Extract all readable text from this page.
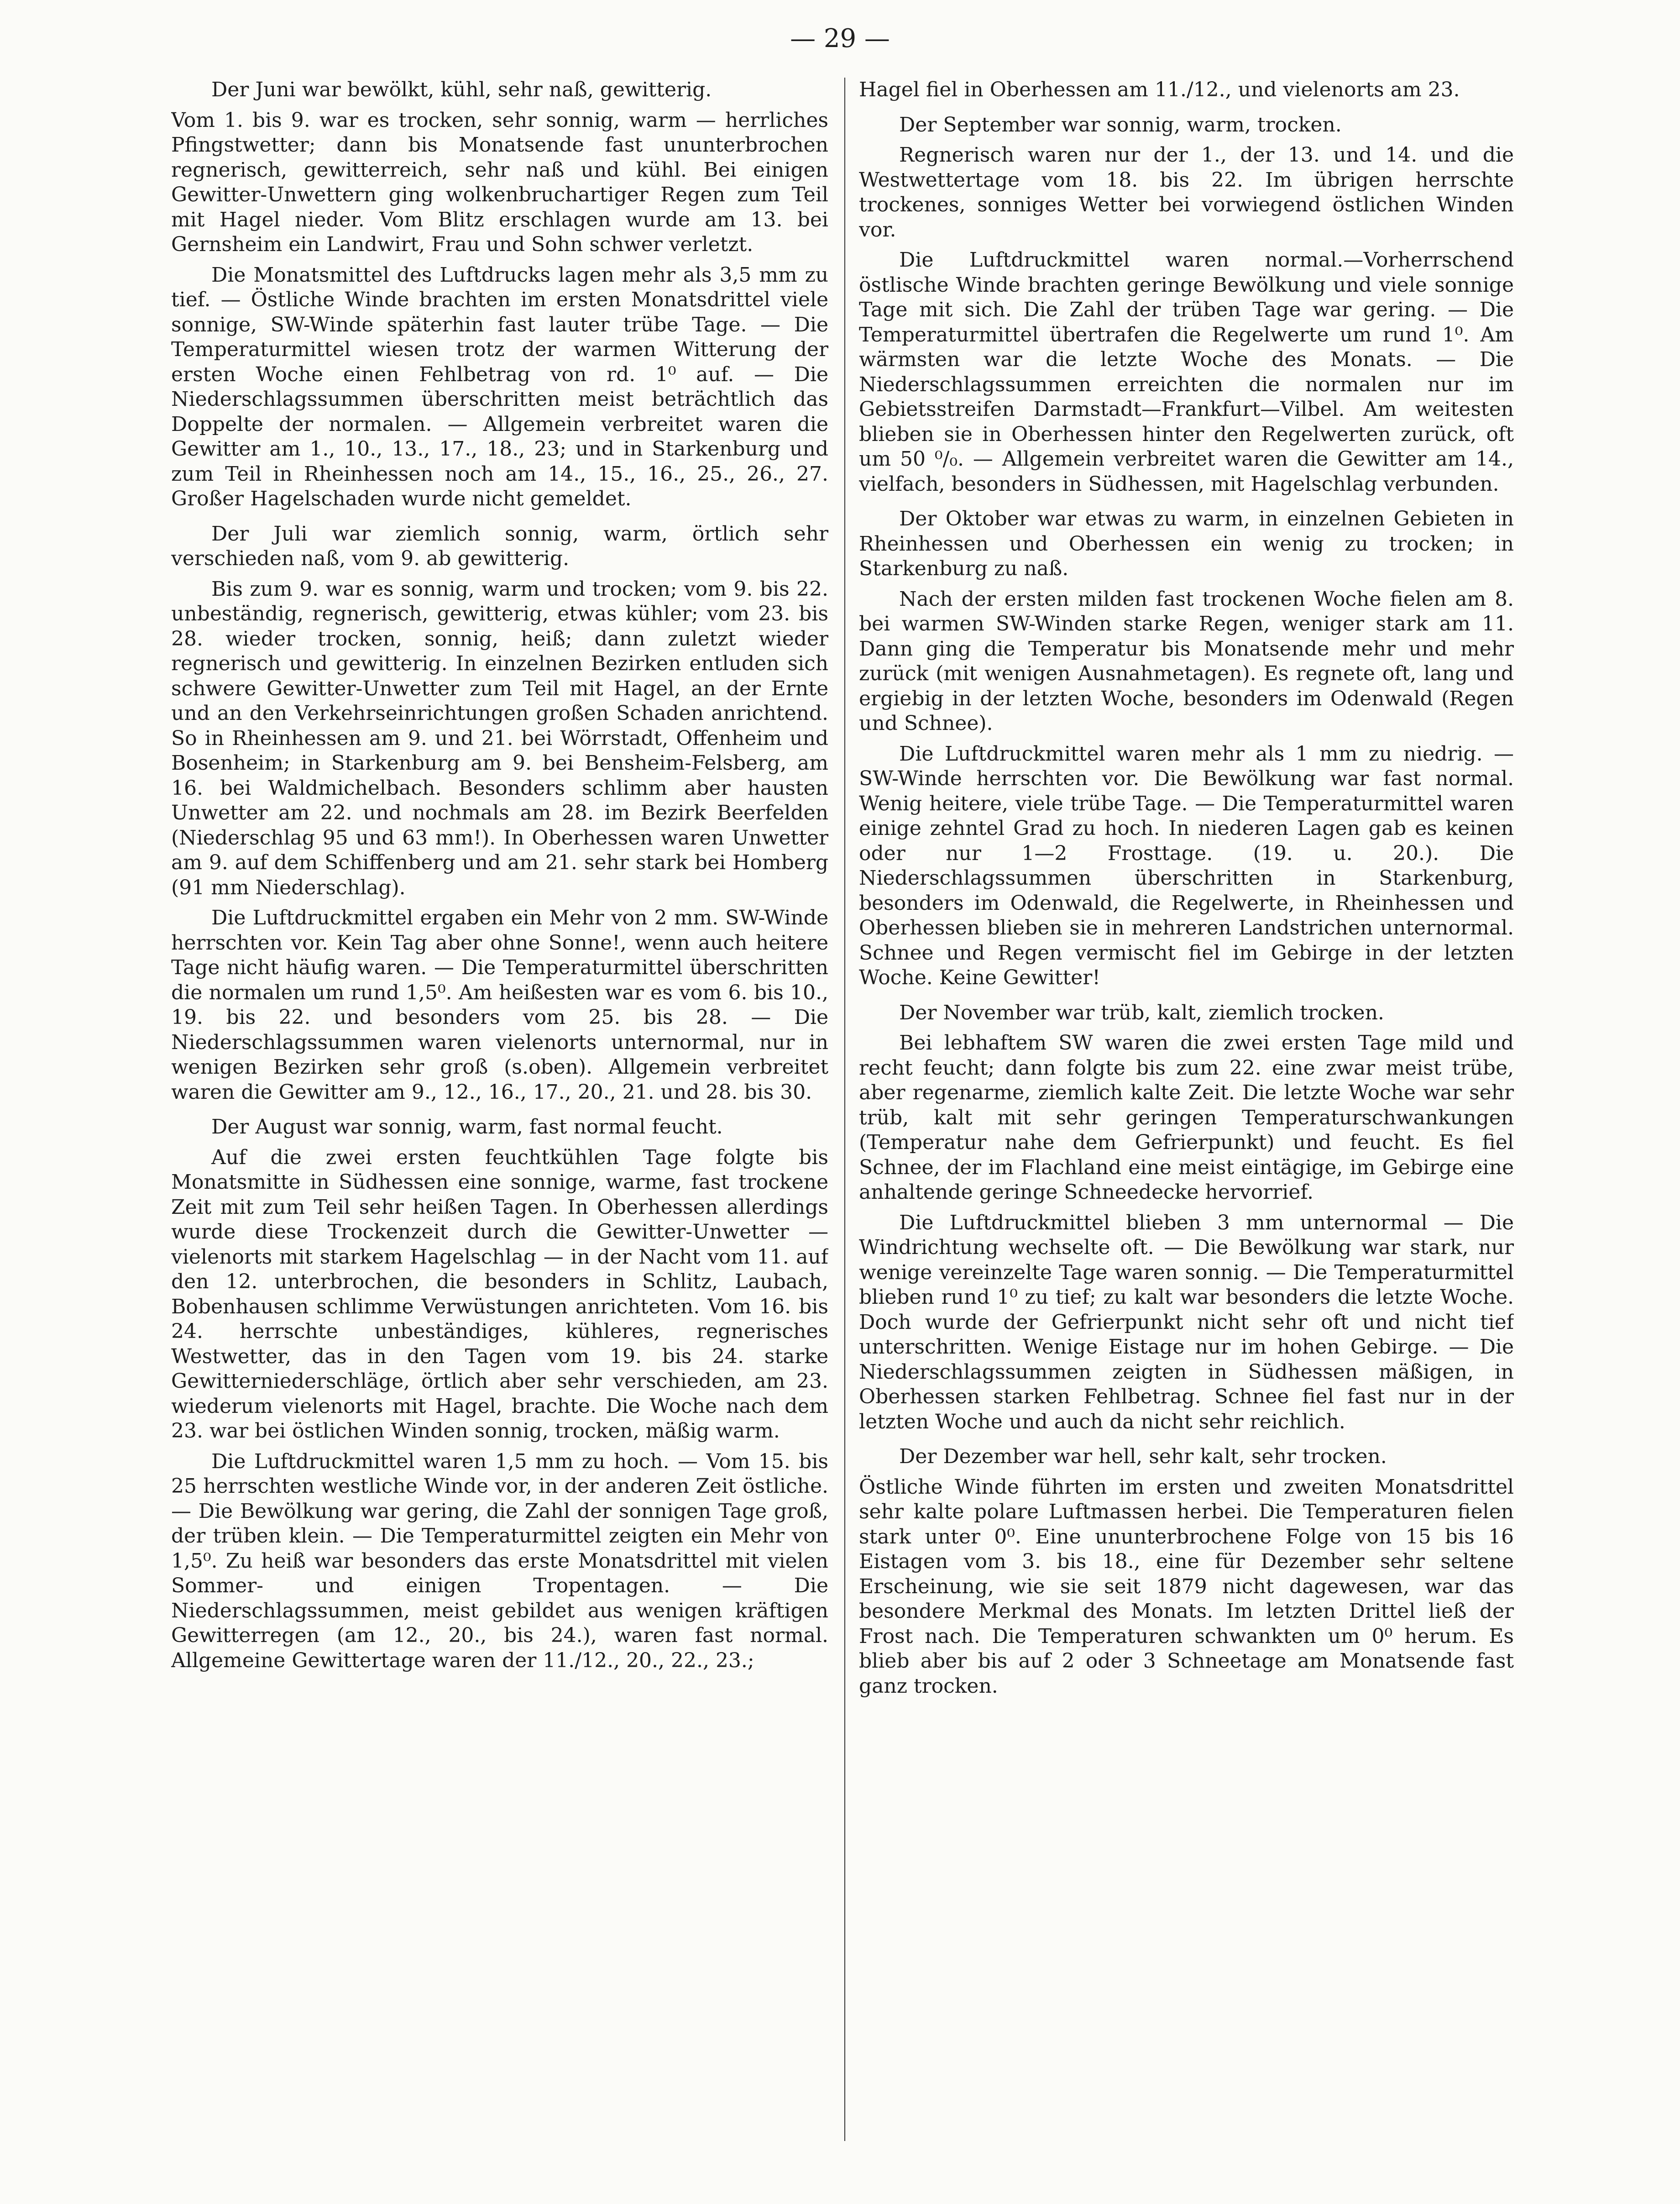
— 29 —

Der Juni war bewölkt, kühl, sehr naß, gewitterig.

Vom 1. bis 9. war es trocken, sehr sonnig, warm — herrliches Pfingstwetter; dann bis Monatsende fast ununterbrochen regnerisch, gewitterreich, sehr naß und kühl. Bei einigen Gewitter-Unwettern ging wolkenbruchartiger Regen zum Teil mit Hagel nieder. Vom Blitz erschlagen wurde am 13. bei Gernsheim ein Landwirt, Frau und Sohn schwer verletzt.

Die Monatsmittel des Luftdrucks lagen mehr als 3,5 mm zu tief. — Östliche Winde brachten im ersten Monatsdrittel viele sonnige, SW-Winde späterhin fast lauter trübe Tage. — Die Temperaturmittel wiesen trotz der warmen Witterung der ersten Woche einen Fehlbetrag von rd. 1⁰ auf. — Die Niederschlagssummen überschritten meist beträchtlich das Doppelte der normalen. — Allgemein verbreitet waren die Gewitter am 1., 10., 13., 17., 18., 23; und in Starkenburg und zum Teil in Rheinhessen noch am 14., 15., 16., 25., 26., 27. Großer Hagelschaden wurde nicht gemeldet.

Der Juli war ziemlich sonnig, warm, örtlich sehr verschieden naß, vom 9. ab gewitterig.

Bis zum 9. war es sonnig, warm und trocken; vom 9. bis 22. unbeständig, regnerisch, gewitterig, etwas kühler; vom 23. bis 28. wieder trocken, sonnig, heiß; dann zuletzt wieder regnerisch und gewitterig. In einzelnen Bezirken entluden sich schwere Gewitter-Unwetter zum Teil mit Hagel, an der Ernte und an den Verkehrseinrichtungen großen Schaden anrichtend. So in Rheinhessen am 9. und 21. bei Wörrstadt, Offenheim und Bosenheim; in Starkenburg am 9. bei Bensheim-Felsberg, am 16. bei Waldmichelbach. Besonders schlimm aber hausten Unwetter am 22. und nochmals am 28. im Bezirk Beerfelden (Niederschlag 95 und 63 mm!). In Oberhessen waren Unwetter am 9. auf dem Schiffenberg und am 21. sehr stark bei Homberg (91 mm Niederschlag).

Die Luftdruckmittel ergaben ein Mehr von 2 mm. SW-Winde herrschten vor. Kein Tag aber ohne Sonne!, wenn auch heitere Tage nicht häufig waren. — Die Temperaturmittel überschritten die normalen um rund 1,5⁰. Am heißesten war es vom 6. bis 10., 19. bis 22. und besonders vom 25. bis 28. — Die Niederschlagssummen waren vielenorts unternormal, nur in wenigen Bezirken sehr groß (s.oben). Allgemein verbreitet waren die Gewitter am 9., 12., 16., 17., 20., 21. und 28. bis 30.

Der August war sonnig, warm, fast normal feucht.

Auf die zwei ersten feuchtkühlen Tage folgte bis Monatsmitte in Südhessen eine sonnige, warme, fast trockene Zeit mit zum Teil sehr heißen Tagen. In Oberhessen allerdings wurde diese Trockenzeit durch die Gewitter-Unwetter — vielenorts mit starkem Hagelschlag — in der Nacht vom 11. auf den 12. unterbrochen, die besonders in Schlitz, Laubach, Bobenhausen schlimme Verwüstungen anrichteten. Vom 16. bis 24. herrschte unbeständiges, kühleres, regnerisches Westwetter, das in den Tagen vom 19. bis 24. starke Gewitterniederschläge, örtlich aber sehr verschieden, am 23. wiederum vielenorts mit Hagel, brachte. Die Woche nach dem 23. war bei östlichen Winden sonnig, trocken, mäßig warm.

Die Luftdruckmittel waren 1,5 mm zu hoch. — Vom 15. bis 25 herrschten westliche Winde vor, in der anderen Zeit östliche. — Die Bewölkung war gering, die Zahl der sonnigen Tage groß, der trüben klein. — Die Temperaturmittel zeigten ein Mehr von 1,5⁰. Zu heiß war besonders das erste Monatsdrittel mit vielen Sommer- und einigen Tropentagen. — Die Niederschlagssummen, meist gebildet aus wenigen kräftigen Gewitterregen (am 12., 20., bis 24.), waren fast normal. Allgemeine Gewittertage waren der 11./12., 20., 22., 23.;

Hagel fiel in Oberhessen am 11./12., und vielenorts am 23.

Der September war sonnig, warm, trocken.

Regnerisch waren nur der 1., der 13. und 14. und die Westwettertage vom 18. bis 22. Im übrigen herrschte trockenes, sonniges Wetter bei vorwiegend östlichen Winden vor.

Die Luftdruckmittel waren normal.—Vorherrschend östlische Winde brachten geringe Bewölkung und viele sonnige Tage mit sich. Die Zahl der trüben Tage war gering. — Die Temperaturmittel übertrafen die Regelwerte um rund 1⁰. Am wärmsten war die letzte Woche des Monats. — Die Niederschlagssummen erreichten die normalen nur im Gebietsstreifen Darmstadt—Frankfurt—Vilbel. Am weitesten blieben sie in Oberhessen hinter den Regelwerten zurück, oft um 50 ⁰/₀. — Allgemein verbreitet waren die Gewitter am 14., vielfach, besonders in Südhessen, mit Hagelschlag verbunden.

Der Oktober war etwas zu warm, in einzelnen Gebieten in Rheinhessen und Oberhessen ein wenig zu trocken; in Starkenburg zu naß.

Nach der ersten milden fast trockenen Woche fielen am 8. bei warmen SW-Winden starke Regen, weniger stark am 11. Dann ging die Temperatur bis Monatsende mehr und mehr zurück (mit wenigen Ausnahmetagen). Es regnete oft, lang und ergiebig in der letzten Woche, besonders im Odenwald (Regen und Schnee).

Die Luftdruckmittel waren mehr als 1 mm zu niedrig. — SW-Winde herrschten vor. Die Bewölkung war fast normal. Wenig heitere, viele trübe Tage. — Die Temperaturmittel waren einige zehntel Grad zu hoch. In niederen Lagen gab es keinen oder nur 1—2 Frosttage. (19. u. 20.). Die Niederschlagssummen überschritten in Starkenburg, besonders im Odenwald, die Regelwerte, in Rheinhessen und Oberhessen blieben sie in mehreren Landstrichen unternormal. Schnee und Regen vermischt fiel im Gebirge in der letzten Woche. Keine Gewitter!

Der November war trüb, kalt, ziemlich trocken.

Bei lebhaftem SW waren die zwei ersten Tage mild und recht feucht; dann folgte bis zum 22. eine zwar meist trübe, aber regenarme, ziemlich kalte Zeit. Die letzte Woche war sehr trüb, kalt mit sehr geringen Temperaturschwankungen (Temperatur nahe dem Gefrierpunkt) und feucht. Es fiel Schnee, der im Flachland eine meist eintägige, im Gebirge eine anhaltende geringe Schneedecke hervorrief.

Die Luftdruckmittel blieben 3 mm unternormal — Die Windrichtung wechselte oft. — Die Bewölkung war stark, nur wenige vereinzelte Tage waren sonnig. — Die Temperaturmittel blieben rund 1⁰ zu tief; zu kalt war besonders die letzte Woche. Doch wurde der Gefrierpunkt nicht sehr oft und nicht tief unterschritten. Wenige Eistage nur im hohen Gebirge. — Die Niederschlagssummen zeigten in Südhessen mäßigen, in Oberhessen starken Fehlbetrag. Schnee fiel fast nur in der letzten Woche und auch da nicht sehr reichlich.

Der Dezember war hell, sehr kalt, sehr trocken.

Östliche Winde führten im ersten und zweiten Monatsdrittel sehr kalte polare Luftmassen herbei. Die Temperaturen fielen stark unter 0⁰. Eine ununterbrochene Folge von 15 bis 16 Eistagen vom 3. bis 18., eine für Dezember sehr seltene Erscheinung, wie sie seit 1879 nicht dagewesen, war das besondere Merkmal des Monats. Im letzten Drittel ließ der Frost nach. Die Temperaturen schwankten um 0⁰ herum. Es blieb aber bis auf 2 oder 3 Schneetage am Monatsende fast ganz trocken.
